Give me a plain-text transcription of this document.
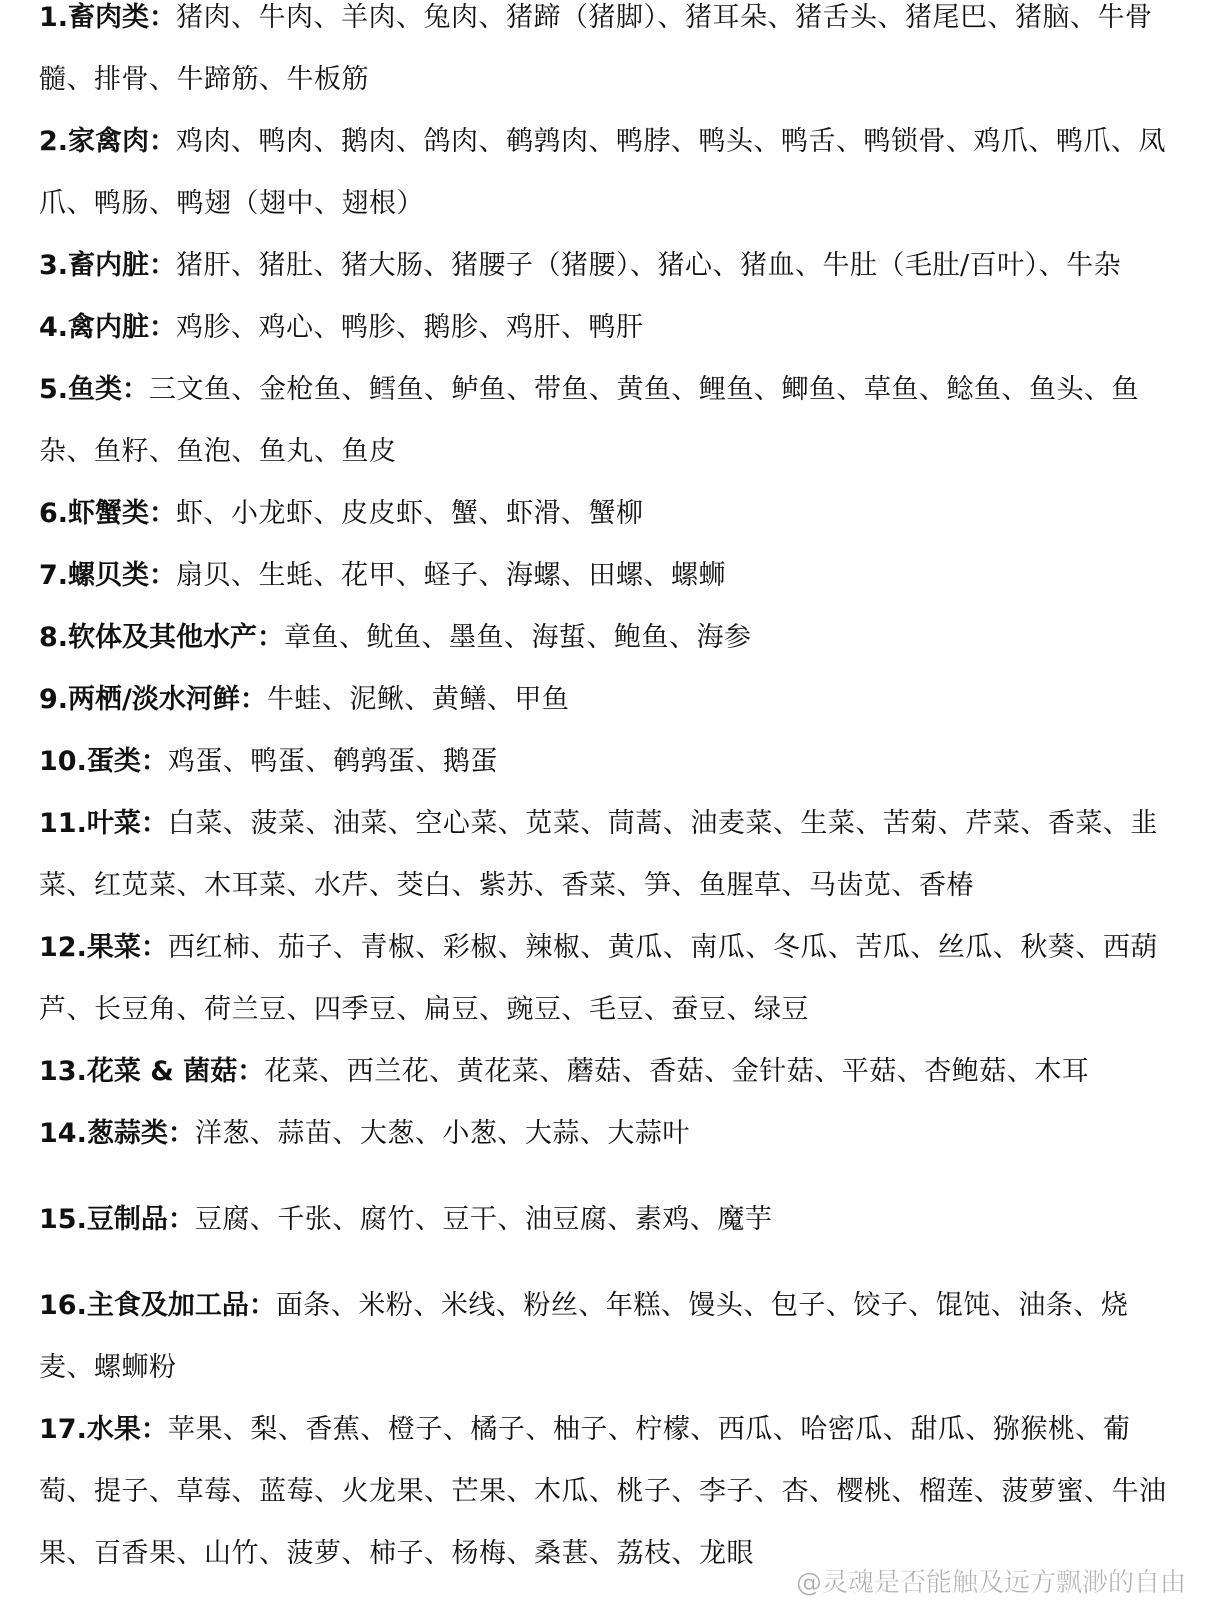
1.畜肉类：猪肉、牛肉、羊肉、兔肉、猪蹄（猪脚）、猪耳朵、猪舌头、猪尾巴、猪脑、牛骨髓、排骨、牛蹄筋、牛板筋

2.家禽肉：鸡肉、鸭肉、鹅肉、鸽肉、鹌鹑肉、鸭脖、鸭头、鸭舌、鸭锁骨、鸡爪、鸭爪、凤爪、鸭肠、鸭翅（翅中、翅根）

3.畜内脏：猪肝、猪肚、猪大肠、猪腰子（猪腰）、猪心、猪血、牛肚（毛肚/百叶）、牛杂

4.禽内脏：鸡胗、鸡心、鸭胗、鹅胗、鸡肝、鸭肝

5.鱼类：三文鱼、金枪鱼、鳕鱼、鲈鱼、带鱼、黄鱼、鲤鱼、鲫鱼、草鱼、鲶鱼、鱼头、鱼杂、鱼籽、鱼泡、鱼丸、鱼皮

6.虾蟹类：虾、小龙虾、皮皮虾、蟹、虾滑、蟹柳

7.螺贝类：扇贝、生蚝、花甲、蛏子、海螺、田螺、螺蛳

8.软体及其他水产：章鱼、鱿鱼、墨鱼、海蜇、鲍鱼、海参

9.两栖/淡水河鲜：牛蛙、泥鳅、黄鳝、甲鱼

10.蛋类：鸡蛋、鸭蛋、鹌鹑蛋、鹅蛋

11.叶菜：白菜、菠菜、油菜、空心菜、苋菜、茼蒿、油麦菜、生菜、苦菊、芹菜、香菜、韭菜、红苋菜、木耳菜、水芹、茭白、紫苏、香菜、笋、鱼腥草、马齿苋、香椿

12.果菜：西红柿、茄子、青椒、彩椒、辣椒、黄瓜、南瓜、冬瓜、苦瓜、丝瓜、秋葵、西葫芦、长豆角、荷兰豆、四季豆、扁豆、豌豆、毛豆、蚕豆、绿豆

13.花菜 & 菌菇：花菜、西兰花、黄花菜、蘑菇、香菇、金针菇、平菇、杏鲍菇、木耳

14.葱蒜类：洋葱、蒜苗、大葱、小葱、大蒜、大蒜叶

15.豆制品：豆腐、千张、腐竹、豆干、油豆腐、素鸡、魔芋

16.主食及加工品：面条、米粉、米线、粉丝、年糕、馒头、包子、饺子、馄饨、油条、烧麦、螺蛳粉

17.水果：苹果、梨、香蕉、橙子、橘子、柚子、柠檬、西瓜、哈密瓜、甜瓜、猕猴桃、葡萄、提子、草莓、蓝莓、火龙果、芒果、木瓜、桃子、李子、杏、樱桃、榴莲、菠萝蜜、牛油果、百香果、山竹、菠萝、柿子、杨梅、桑葚、荔枝、龙眼

@灵魂是否能触及远方飘渺的自由
